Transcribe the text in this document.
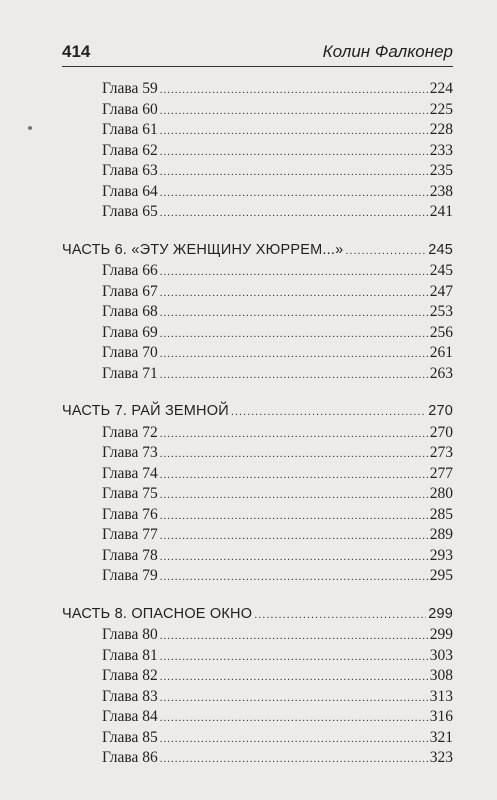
414	Колин Фалконер
Глава 59 .....	224
Глава 60 .....	225
Глава 61 .....	228
Глава 62 .....	233
Глава 63 .....	235
Глава 64 .....	238
Глава 65 .....	241
ЧАСТЬ 6. «ЭТУ ЖЕНЩИНУ ХЮРРЕМ...» .....	245
Глава 66 .....	245
Глава 67 .....	247
Глава 68 .....	253
Глава 69 .....	256
Глава 70 .....	261
Глава 71 .....	263
ЧАСТЬ 7. РАЙ ЗЕМНОЙ .....	270
Глава 72 .....	270
Глава 73 .....	273
Глава 74 .....	277
Глава 75 .....	280
Глава 76 .....	285
Глава 77 .....	289
Глава 78 .....	293
Глава 79 .....	295
ЧАСТЬ 8. ОПАСНОЕ ОКНО .....	299
Глава 80 .....	299
Глава 81 .....	303
Глава 82 .....	308
Глава 83 .....	313
Глава 84 .....	316
Глава 85 .....	321
Глава 86 .....	323
